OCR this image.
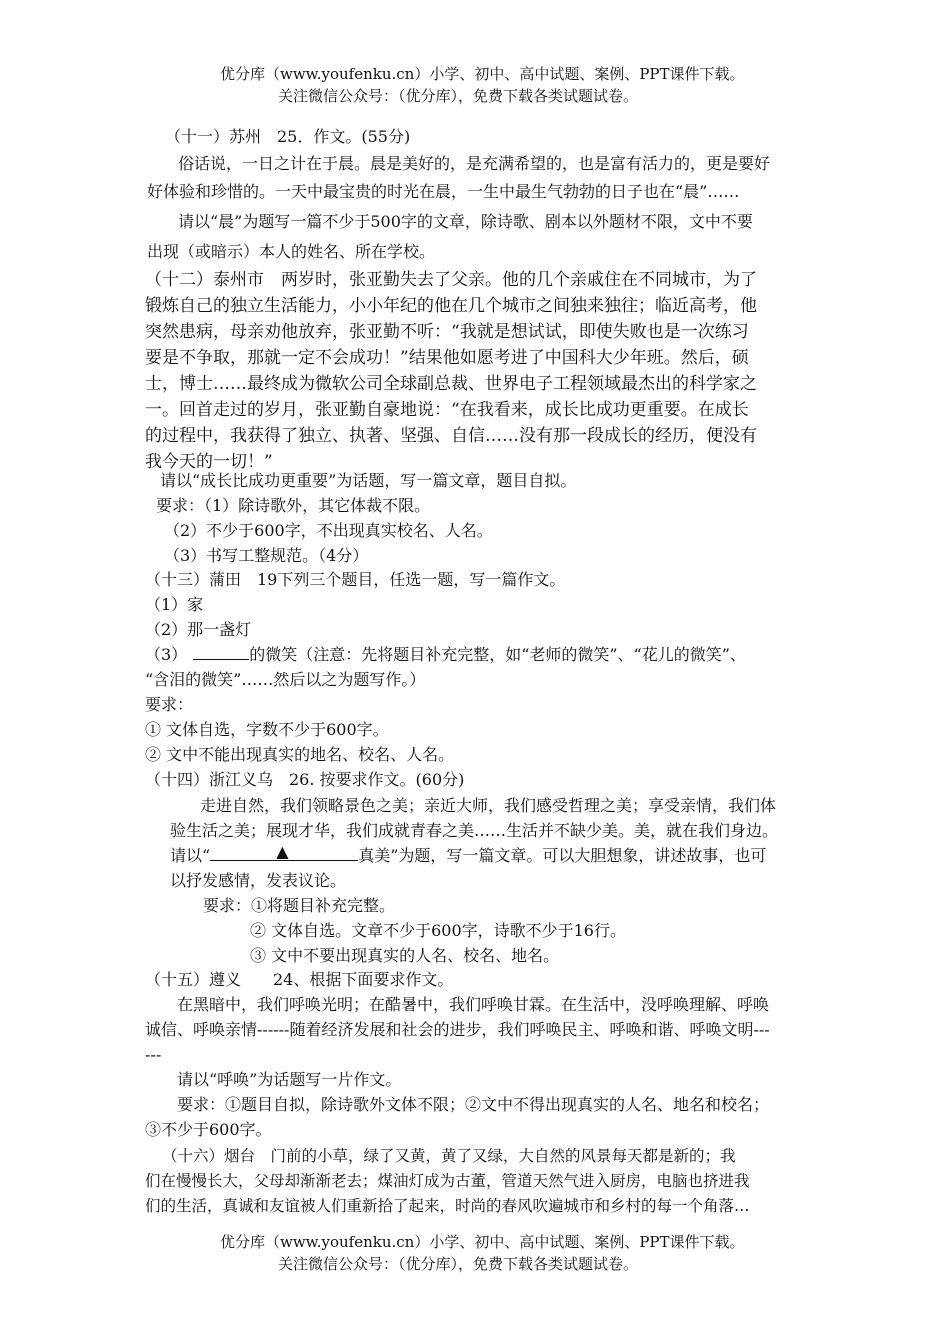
优分库（www.youfenku.cn）小学、初中、高中试题、案例、PPT课件下载。
关注微信公众号：（优分库），免费下载各类试题试卷。
（十一）苏州　25．作文。(55分)
俗话说，一日之计在于晨。晨是美好的，是充满希望的，也是富有活力的，更是要好
好体验和珍惜的。一天中最宝贵的时光在晨，一生中最生气勃勃的日子也在“晨”……
请以“晨”为题写一篇不少于500字的文章，除诗歌、剧本以外题材不限，文中不要
出现（或暗示）本人的姓名、所在学校。
（十二）泰州市　两岁时，张亚勤失去了父亲。他的几个亲戚住在不同城市，为了
锻炼自己的独立生活能力，小小年纪的他在几个城市之间独来独往；临近高考，他
突然患病，母亲劝他放弃，张亚勤不听：“我就是想试试，即使失败也是一次练习
要是不争取，那就一定不会成功！”结果他如愿考进了中国科大少年班。然后，硕
士，博士……最终成为微软公司全球副总裁、世界电子工程领域最杰出的科学家之
一。回首走过的岁月，张亚勤自豪地说：“在我看来，成长比成功更重要。在成长
的过程中，我获得了独立、执著、坚强、自信……没有那一段成长的经历，便没有
我今天的一切！”
请以“成长比成功更重要”为话题，写一篇文章，题目自拟。
要求：（1）除诗歌外，其它体裁不限。
（2）不少于600字，不出现真实校名、人名。
（3）书写工整规范。（4分）
（十三）蒲田　19下列三个题目，任选一题，写一篇作文。
（1）家
（2）那一盏灯
（3）	的微笑（注意：先将题目补充完整，如“老师的微笑”、“花儿的微笑”、
“含泪的微笑”……然后以之为题写作。）
要求：
① 文体自选，字数不少于600字。
② 文中不能出现真实的地名、校名、人名。
（十四）浙江义乌　26. 按要求作文。(60分)
走进自然，我们领略景色之美；亲近大师，我们感受哲理之美；享受亲情，我们体
验生活之美；展现才华，我们成就青春之美……生活并不缺少美。美，就在我们身边。
请以“	▲	真美”为题，写一篇文章。可以大胆想象，讲述故事，也可
以抒发感情，发表议论。
要求：①将题目补充完整。
② 文体自选。文章不少于600字，诗歌不少于16行。
③ 文中不要出现真实的人名、校名、地名。
（十五）遵义　　24、根据下面要求作文。
在黑暗中，我们呼唤光明；在酷暑中，我们呼唤甘霖。在生活中，没呼唤理解、呼唤
诚信、呼唤亲情------随着经济发展和社会的进步，我们呼唤民主、呼唤和谐、呼唤文明---
---
请以“呼唤”为话题写一片作文。
要求：①题目自拟，除诗歌外文体不限；②文中不得出现真实的人名、地名和校名；
③不少于600字。
（十六）烟台　门前的小草，绿了又黄，黄了又绿，大自然的风景每天都是新的；我
们在慢慢长大，父母却渐渐老去；煤油灯成为古董，管道天然气进入厨房，电脑也挤进我
们的生活，真诚和友谊被人们重新拾了起来，时尚的春风吹遍城市和乡村的每一个角落…
优分库（www.youfenku.cn）小学、初中、高中试题、案例、PPT课件下载。
关注微信公众号：（优分库），免费下载各类试题试卷。
